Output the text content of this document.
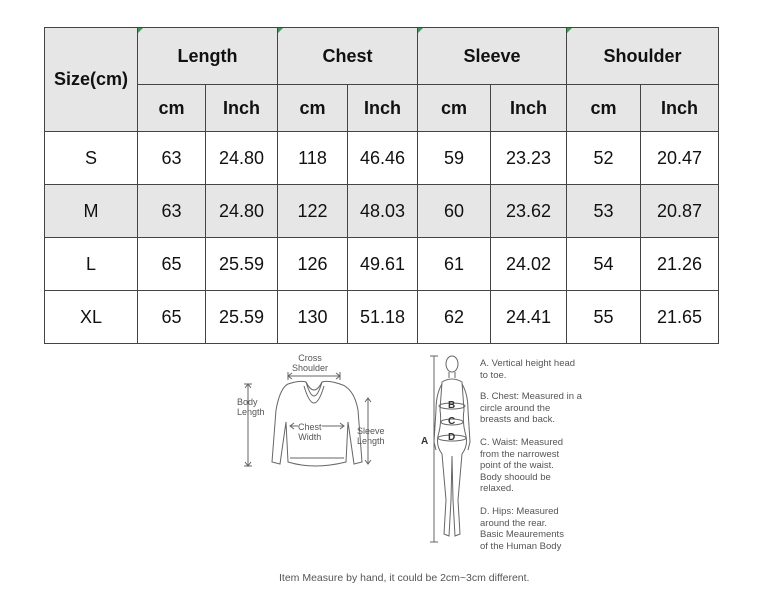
Size(cm)	Length		Chest		Sleeve		Shoulder	
	cm	Inch	cm	Inch	cm	Inch	cm	Inch
S	63	24.80	118	46.46	59	23.23	52	20.47
M	63	24.80	122	48.03	60	23.62	53	20.87
L	65	25.59	126	49.61	61	24.02	54	21.26
XL	65	25.59	130	51.18	62	24.41	55	21.65
Cross
Shoulder
Body
Length
Chest
Width
Sleeve
Length	A
B
C
D
A. Vertical height head
to toe.
B. Chest: Measured in a
circle around the
breasts and back.
C. Waist: Measured
from the narrowest
point of the waist.
Body shoould be
relaxed.
D. Hips: Measured
around the rear.
Basic Meaurements
of the Human Body
Item Measure by hand, it could be 2cm~3cm different.
